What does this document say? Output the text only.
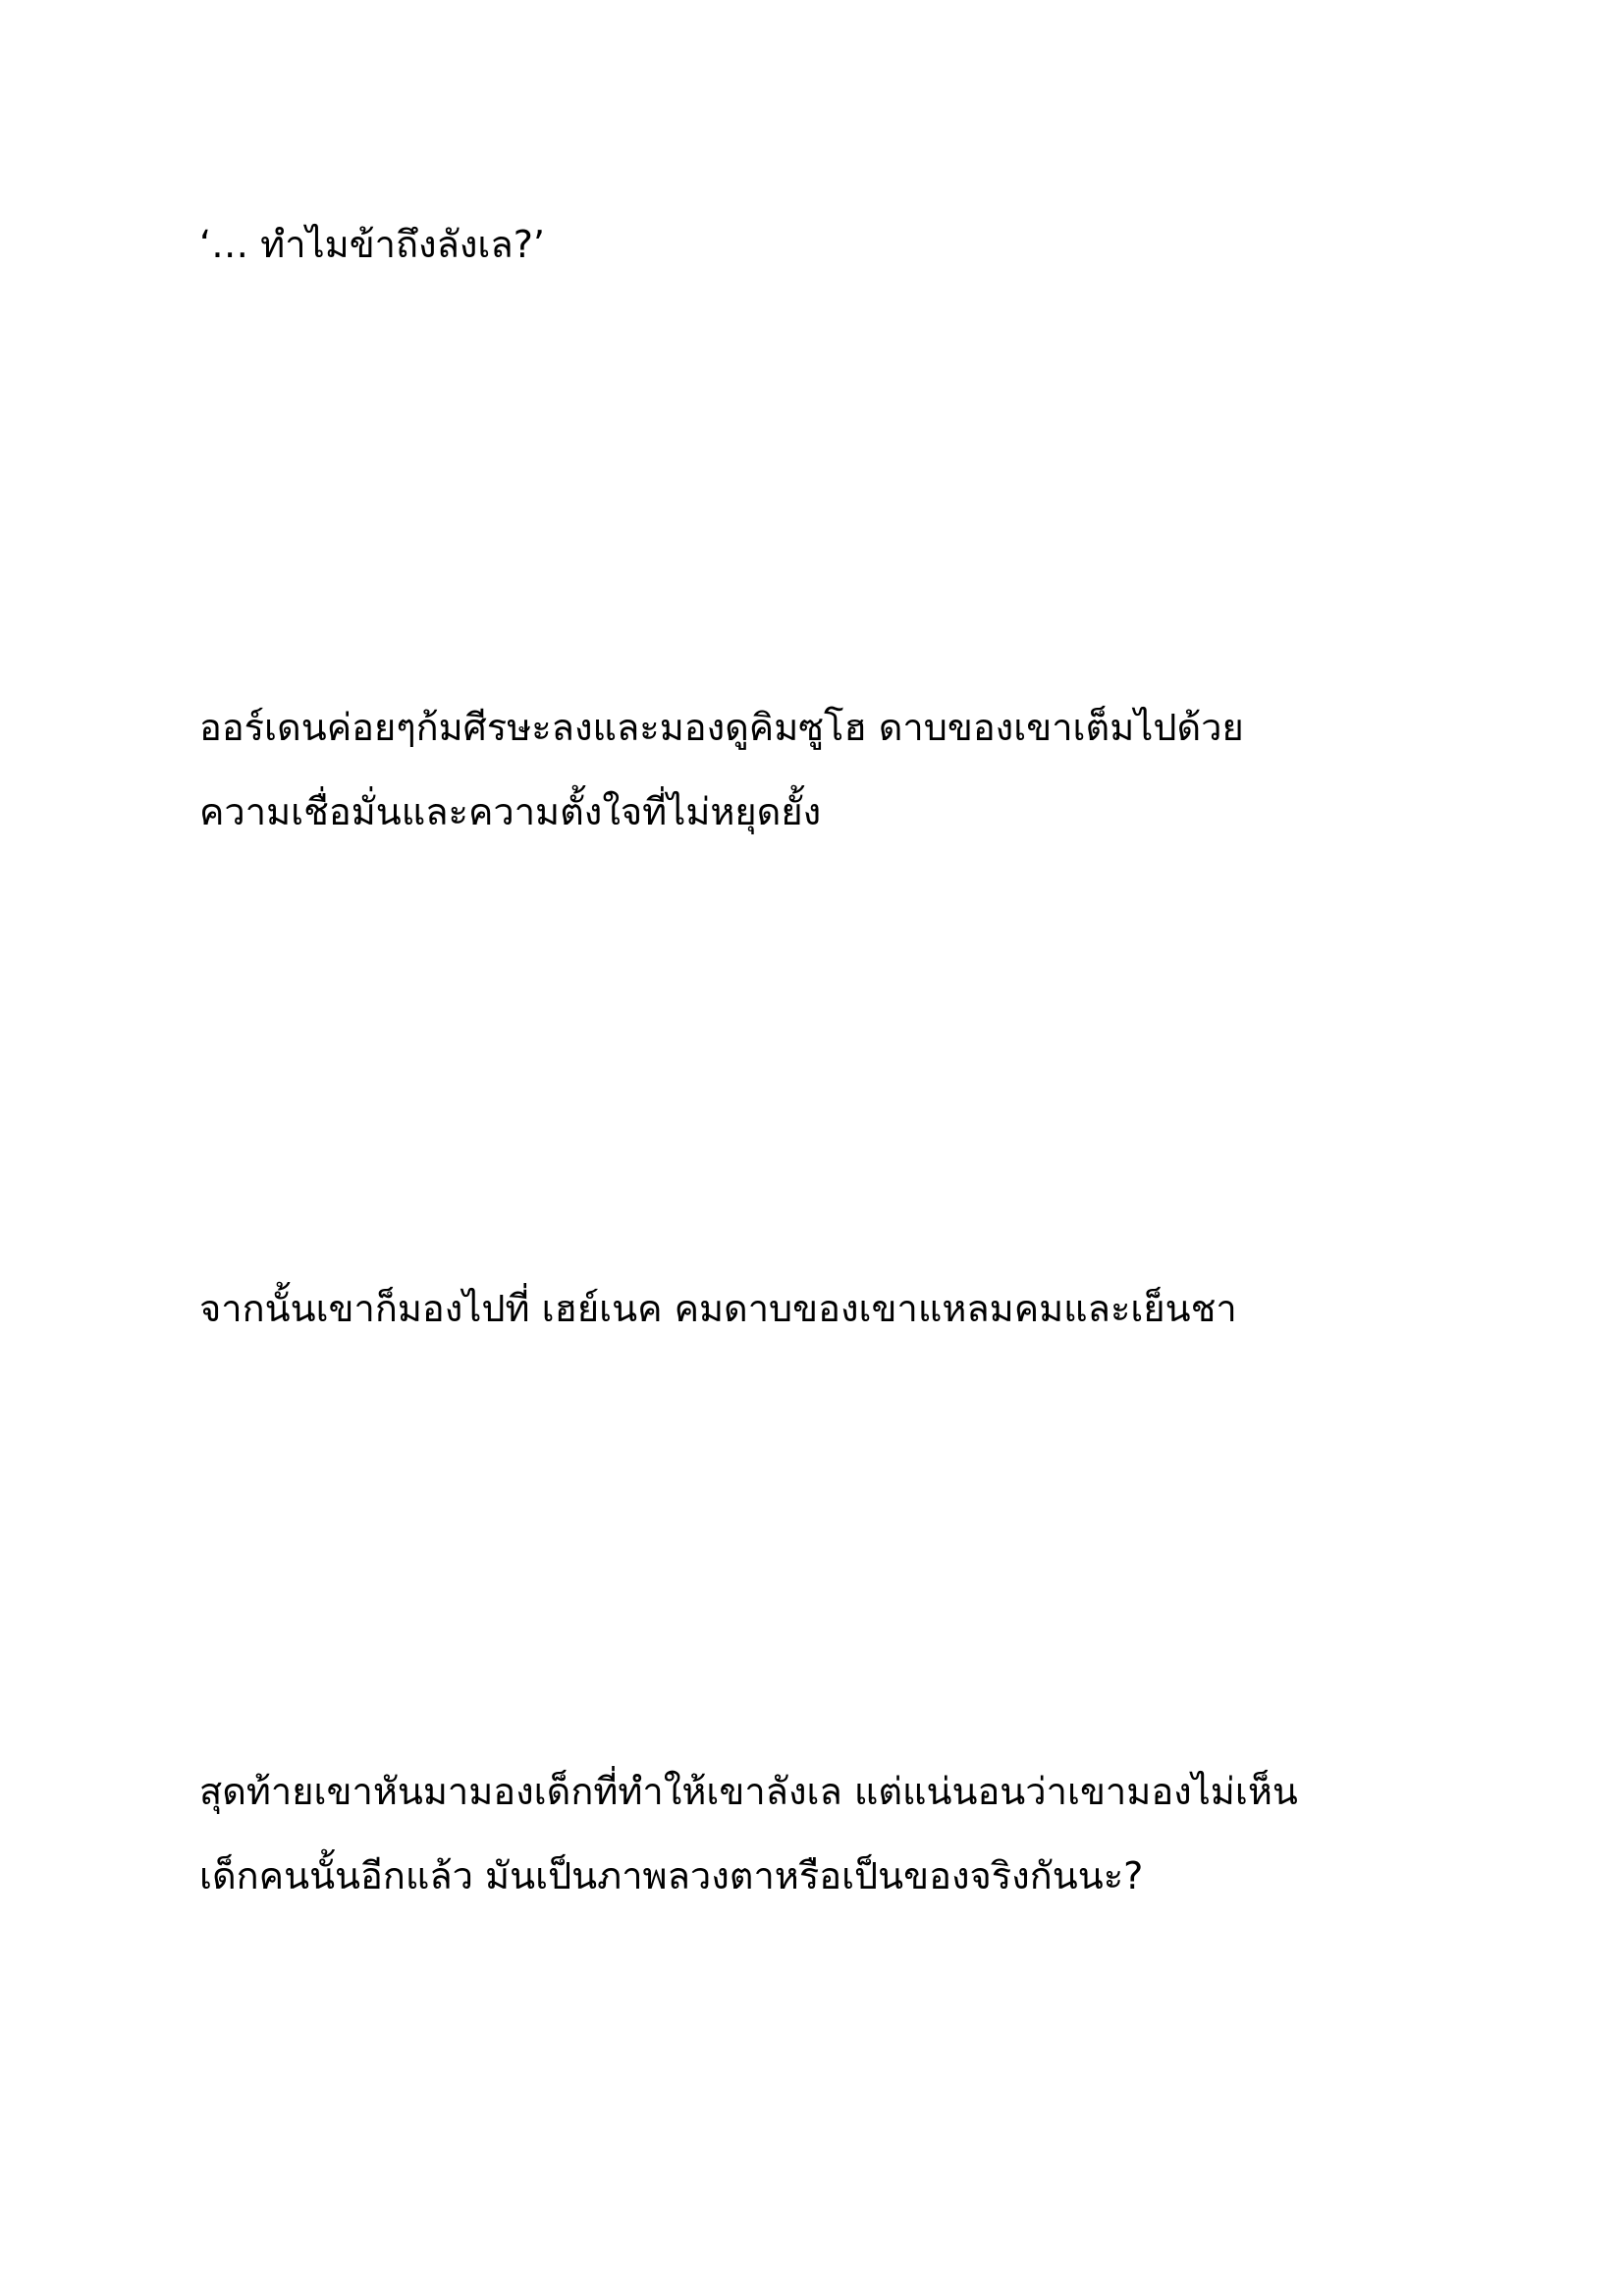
‘… ทำไมข้าถึงลังเล?’

ออร์เดนค่อยๆก้มศีรษะลงและมองดูคิมซูโฮ ดาบของเขาเต็มไปด้วย
ความเชื่อมั่นและความตั้งใจที่ไม่หยุดยั้ง

จากนั้นเขาก็มองไปที่ เฮย์เนค คมดาบของเขาแหลมคมและเย็นชา

สุดท้ายเขาหันมามองเด็กที่ทำให้เขาลังเล แต่แน่นอนว่าเขามองไม่เห็น
เด็กคนนั้นอีกแล้ว มันเป็นภาพลวงตาหรือเป็นของจริงกันนะ?
